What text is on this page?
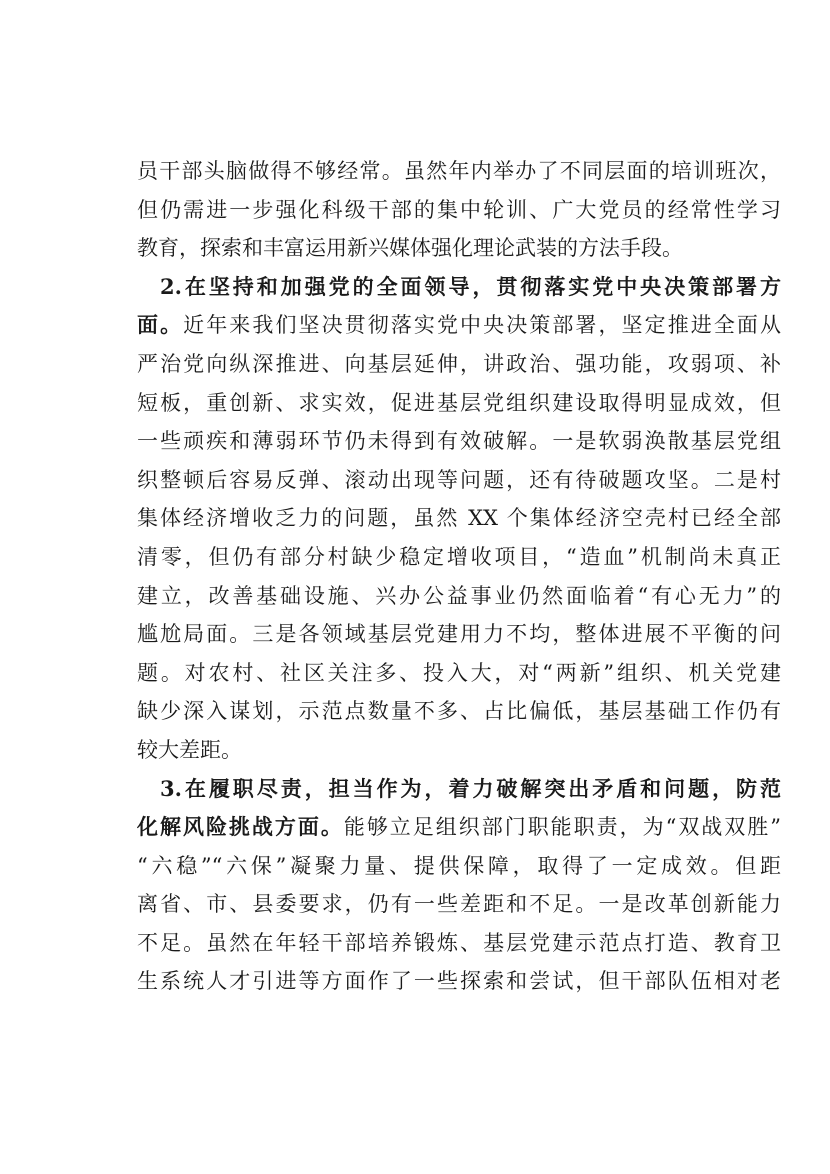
员干部头脑做得不够经常。虽然年内举办了不同层面的培训班次，
但仍需进一步强化科级干部的集中轮训、广大党员的经常性学习
教育，探索和丰富运用新兴媒体强化理论武装的方法手段。
2.在坚持和加强党的全面领导，贯彻落实党中央决策部署方
面。近年来我们坚决贯彻落实党中央决策部署，坚定推进全面从
严治党向纵深推进、向基层延伸，讲政治、强功能，攻弱项、补
短板，重创新、求实效，促进基层党组织建设取得明显成效，但
一些顽疾和薄弱环节仍未得到有效破解。一是软弱涣散基层党组
织整顿后容易反弹、滚动出现等问题，还有待破题攻坚。二是村
集体经济增收乏力的问题，虽然 XX 个集体经济空壳村已经全部
清零，但仍有部分村缺少稳定增收项目，“造血”机制尚未真正
建立，改善基础设施、兴办公益事业仍然面临着“有心无力”的
尴尬局面。三是各领域基层党建用力不均，整体进展不平衡的问
题。对农村、社区关注多、投入大，对“两新”组织、机关党建
缺少深入谋划，示范点数量不多、占比偏低，基层基础工作仍有
较大差距。
3.在履职尽责，担当作为，着力破解突出矛盾和问题，防范
化解风险挑战方面。能够立足组织部门职能职责，为“双战双胜”
“六稳”“六保”凝聚力量、提供保障，取得了一定成效。但距
离省、市、县委要求，仍有一些差距和不足。一是改革创新能力
不足。虽然在年轻干部培养锻炼、基层党建示范点打造、教育卫
生系统人才引进等方面作了一些探索和尝试，但干部队伍相对老
